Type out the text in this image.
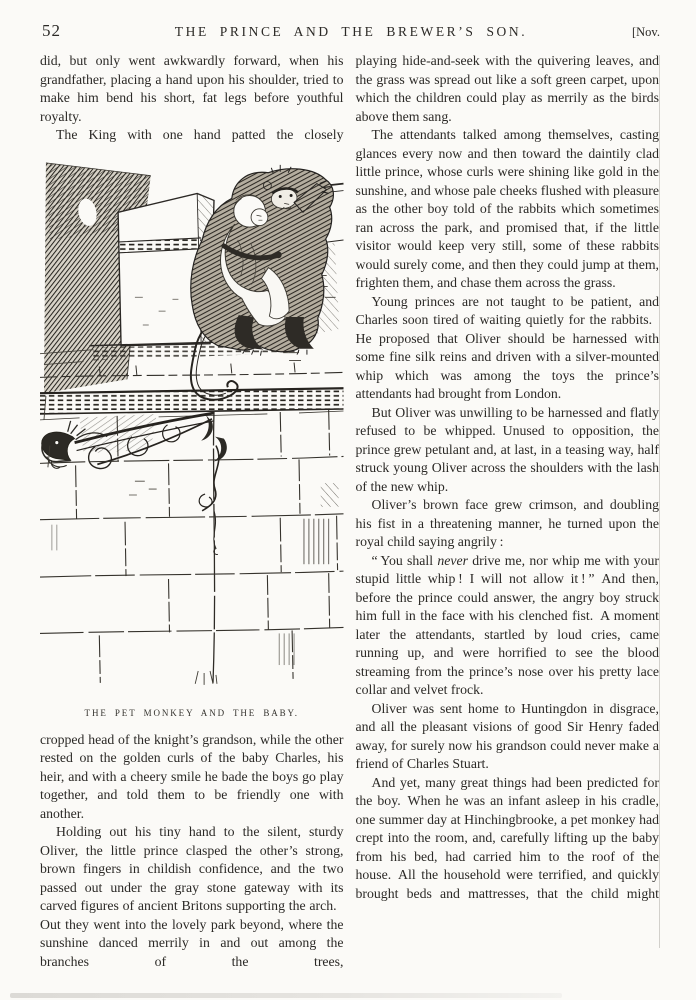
52	THE PRINCE AND THE BREWER’S SON.	[Nov.

did, but only went awkwardly forward, when his grandfather, placing a hand upon his shoulder, tried to make him bend his short, fat legs before youthful royalty.

The King with one hand patted the closely

THE PET MONKEY AND THE BABY.

cropped head of the knight’s grandson, while the other rested on the golden curls of the baby Charles, his heir, and with a cheery smile he bade the boys go play together, and told them to be friendly one with another.

Holding out his tiny hand to the silent, sturdy Oliver, the little prince clasped the other’s strong, brown fingers in childish confidence, and the two passed out under the gray stone gateway with its carved figures of ancient Britons supporting the arch. Out they went into the lovely park beyond, where the sunshine danced merrily in and out among the branches of the trees,

playing hide-and-seek with the quivering leaves, and the grass was spread out like a soft green carpet, upon which the children could play as merrily as the birds above them sang.

The attendants talked among themselves, casting glances every now and then toward the daintily clad little prince, whose curls were shining like gold in the sunshine, and whose pale cheeks flushed with pleasure as the other boy told of the rabbits which sometimes ran across the park, and promised that, if the little visitor would keep very still, some of these rabbits would surely come, and then they could jump at them, frighten them, and chase them across the grass.

Young princes are not taught to be patient, and Charles soon tired of waiting quietly for the rabbits. He proposed that Oliver should be harnessed with some fine silk reins and driven with a silver-mounted whip which was among the toys the prince’s attendants had brought from London.

But Oliver was unwilling to be harnessed and flatly refused to be whipped. Unused to opposition, the prince grew petulant and, at last, in a teasing way, half struck young Oliver across the shoulders with the lash of the new whip.

Oliver’s brown face grew crimson, and doubling his fist in a threatening manner, he turned upon the royal child saying angrily :

“ You shall never drive me, nor whip me with your stupid little whip ! I will not allow it ! ” And then, before the prince could answer, the angry boy struck him full in the face with his clenched fist. A moment later the attendants, startled by loud cries, came running up, and were horrified to see the blood streaming from the prince’s nose over his pretty lace collar and velvet frock.

Oliver was sent home to Huntingdon in disgrace, and all the pleasant visions of good Sir Henry faded away, for surely now his grandson could never make a friend of Charles Stuart.

And yet, many great things had been predicted for the boy. When he was an infant asleep in his cradle, one summer day at Hinchingbrooke, a pet monkey had crept into the room, and, carefully lifting up the baby from his bed, had carried him to the roof of the house. All the household were terrified, and quickly brought beds and mattresses, that the child might
